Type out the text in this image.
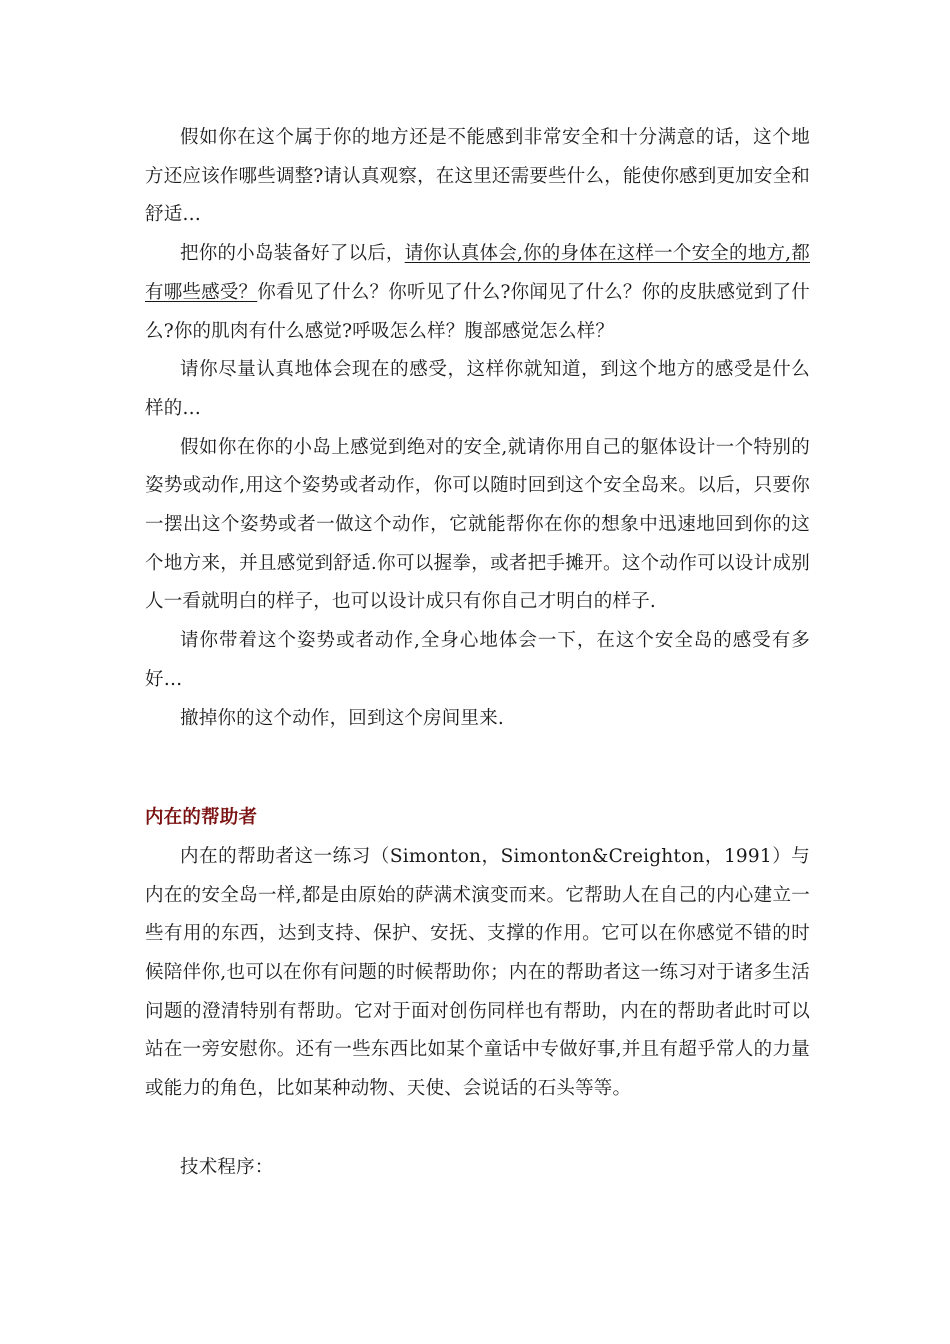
假如你在这个属于你的地方还是不能感到非常安全和十分满意的话，这个地方还应该作哪些调整?请认真观察，在这里还需要些什么，能使你感到更加安全和舒适…

把你的小岛装备好了以后，请你认真体会,你的身体在这样一个安全的地方,都有哪些感受？你看见了什么？你听见了什么?你闻见了什么？你的皮肤感觉到了什么?你的肌肉有什么感觉?呼吸怎么样？腹部感觉怎么样？

请你尽量认真地体会现在的感受，这样你就知道，到这个地方的感受是什么样的…

假如你在你的小岛上感觉到绝对的安全,就请你用自己的躯体设计一个特别的姿势或动作,用这个姿势或者动作，你可以随时回到这个安全岛来。以后，只要你一摆出这个姿势或者一做这个动作，它就能帮你在你的想象中迅速地回到你的这个地方来，并且感觉到舒适.你可以握拳，或者把手摊开。这个动作可以设计成别人一看就明白的样子，也可以设计成只有你自己才明白的样子.

请你带着这个姿势或者动作,全身心地体会一下，在这个安全岛的感受有多好…

撤掉你的这个动作，回到这个房间里来.

内在的帮助者

内在的帮助者这一练习（Simonton，Simonton&Creighton，1991）与内在的安全岛一样,都是由原始的萨满术演变而来。它帮助人在自己的内心建立一些有用的东西，达到支持、保护、安抚、支撑的作用。它可以在你感觉不错的时候陪伴你,也可以在你有问题的时候帮助你；内在的帮助者这一练习对于诸多生活问题的澄清特别有帮助。它对于面对创伤同样也有帮助，内在的帮助者此时可以站在一旁安慰你。还有一些东西比如某个童话中专做好事,并且有超乎常人的力量或能力的角色，比如某种动物、天使、会说话的石头等等。

技术程序：
